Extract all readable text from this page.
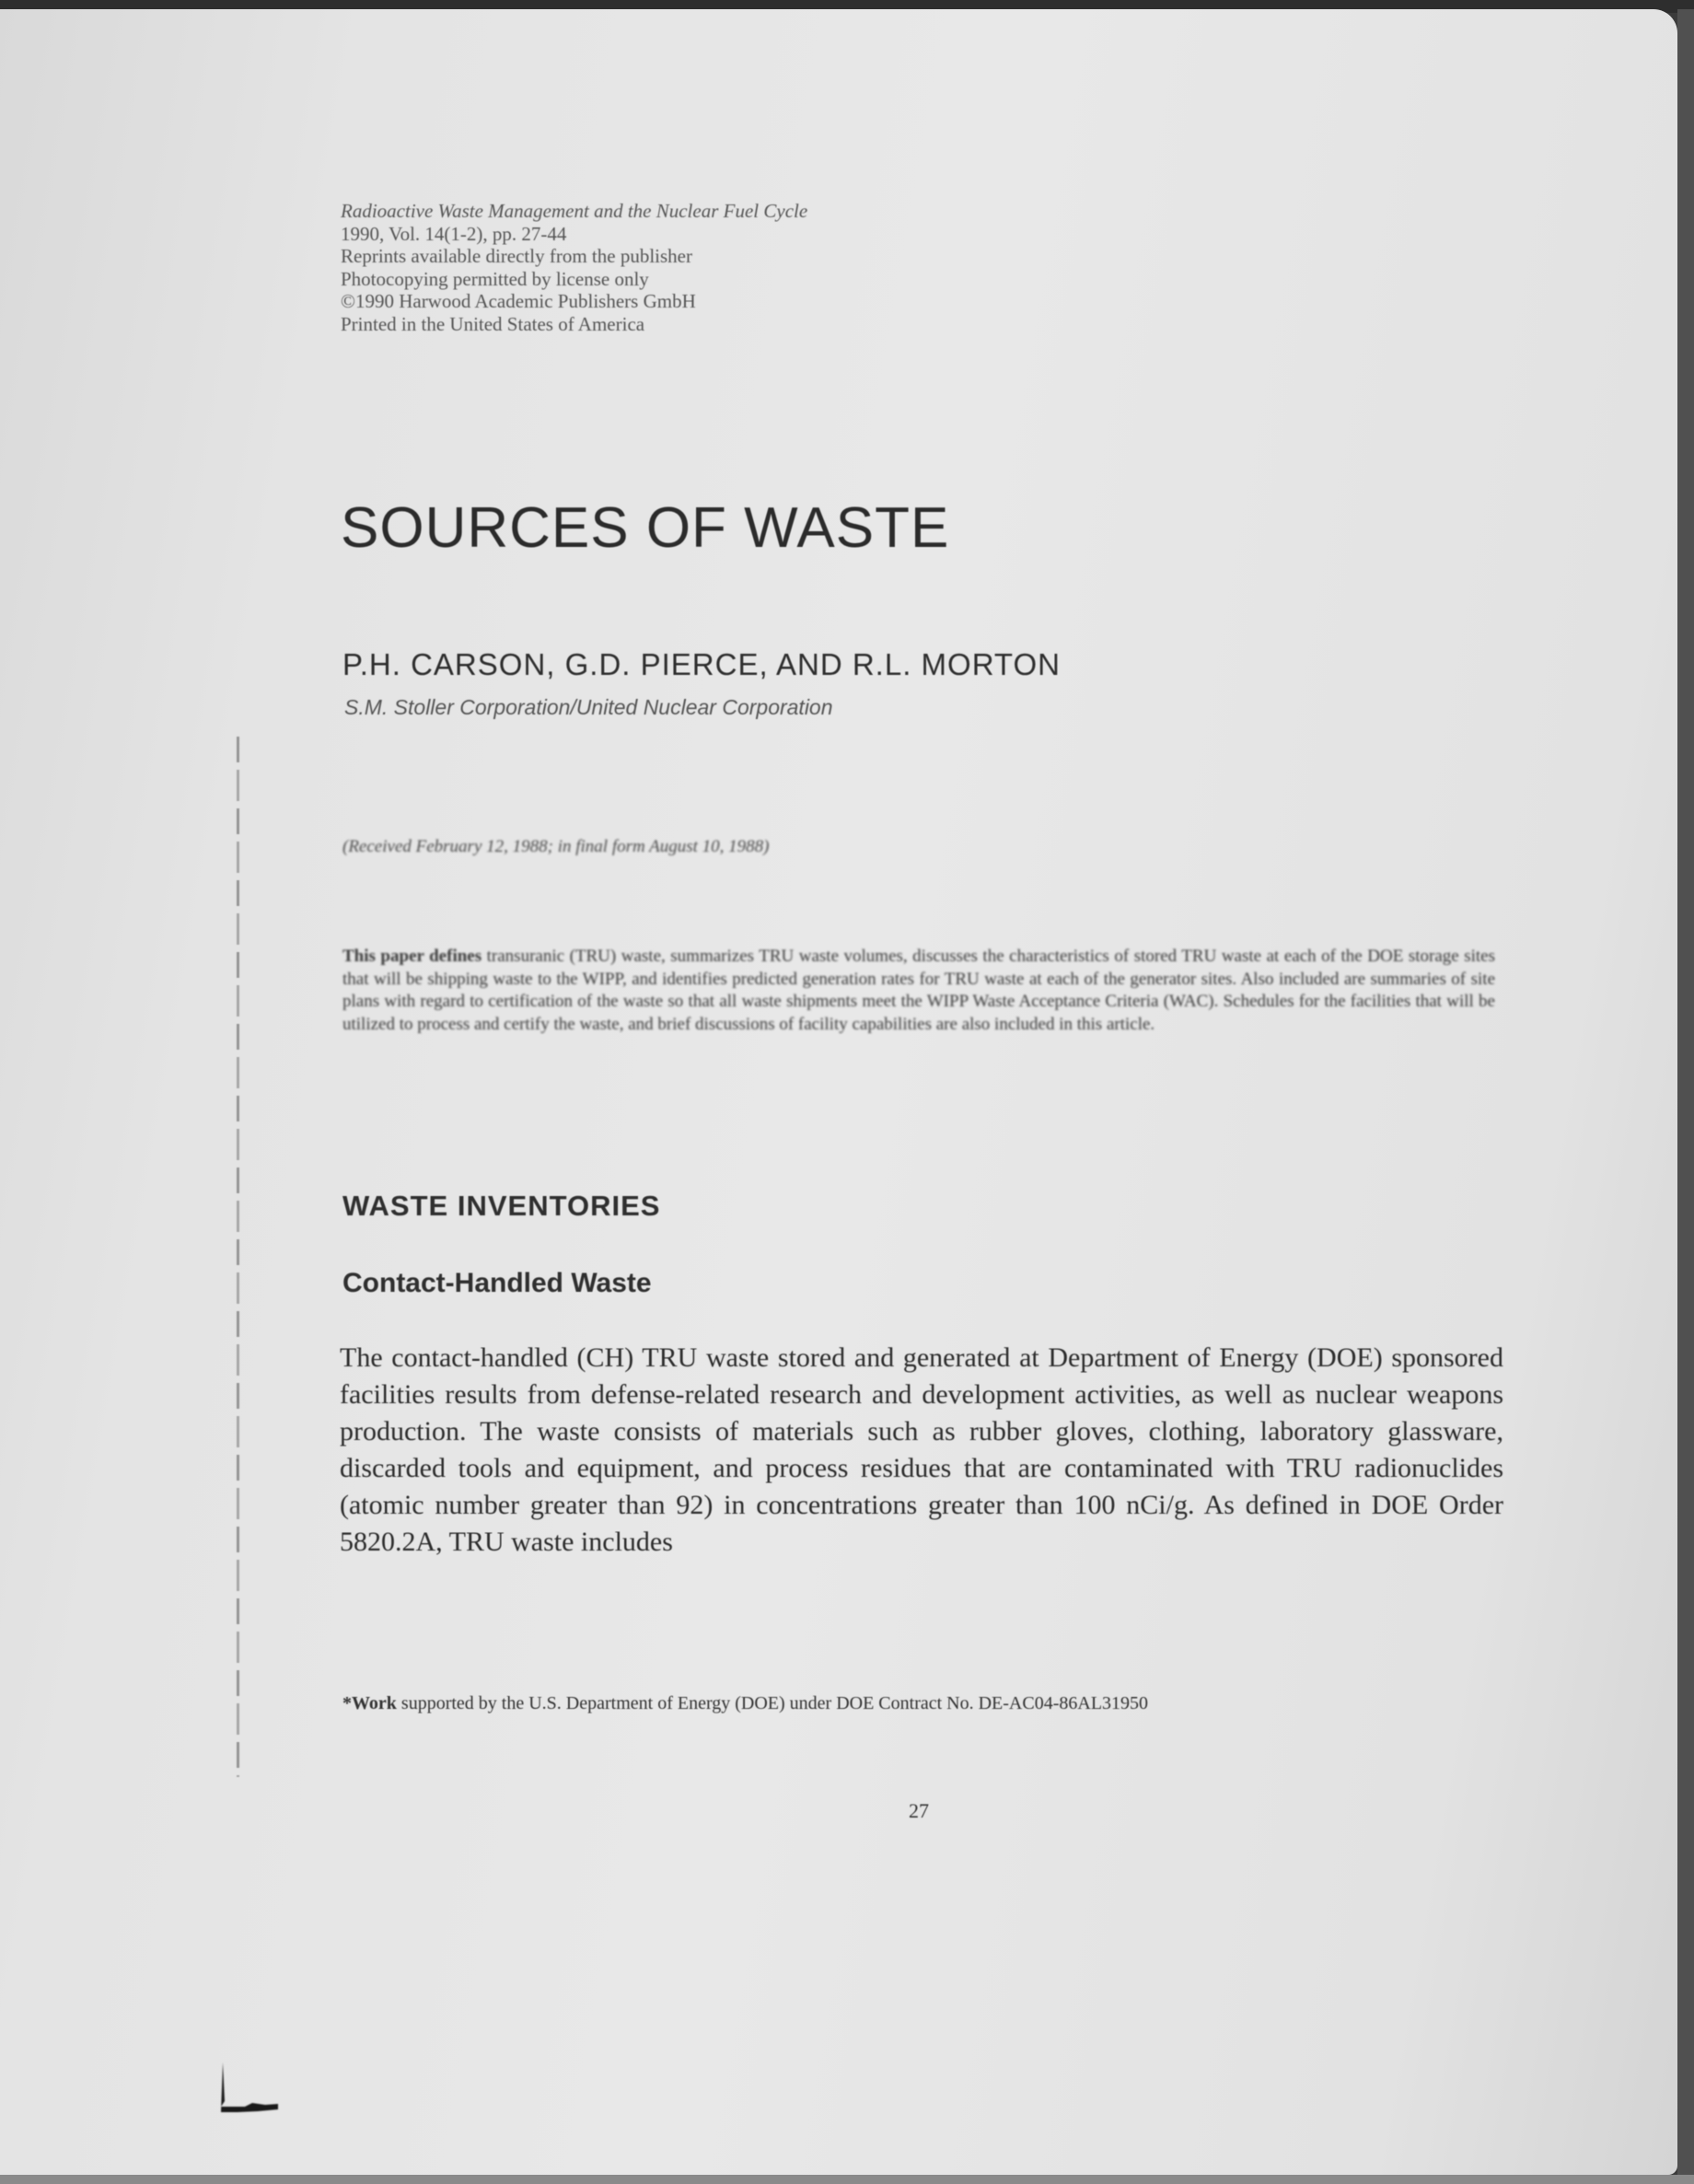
Radioactive Waste Management and the Nuclear Fuel Cycle
1990, Vol. 14(1-2), pp. 27-44
Reprints available directly from the publisher
Photocopying permitted by license only
©1990 Harwood Academic Publishers GmbH
Printed in the United States of America
SOURCES OF WASTE
P.H. CARSON, G.D. PIERCE, AND R.L. MORTON
S.M. Stoller Corporation/United Nuclear Corporation
(Received February 12, 1988; in final form August 10, 1988)
This paper defines transuranic (TRU) waste, summarizes TRU waste volumes, discusses the characteristics of stored TRU waste at each of the DOE storage sites that will be shipping waste to the WIPP, and identifies predicted generation rates for TRU waste at each of the generator sites. Also included are summaries of site plans with regard to certification of the waste so that all waste shipments meet the WIPP Waste Acceptance Criteria (WAC). Schedules for the facilities that will be utilized to process and certify the waste, and brief discussions of facility capabilities are also included in this article.
WASTE INVENTORIES
Contact-Handled Waste
The contact-handled (CH) TRU waste stored and generated at Department of Energy (DOE) sponsored facilities results from defense-related research and development activities, as well as nuclear weapons production. The waste consists of materials such as rubber gloves, clothing, laboratory glassware, discarded tools and equipment, and process residues that are contaminated with TRU radionuclides (atomic number greater than 92) in concentrations greater than 100 nCi/g. As defined in DOE Order 5820.2A, TRU waste includes
*Work supported by the U.S. Department of Energy (DOE) under DOE Contract No. DE-AC04-86AL31950
27
